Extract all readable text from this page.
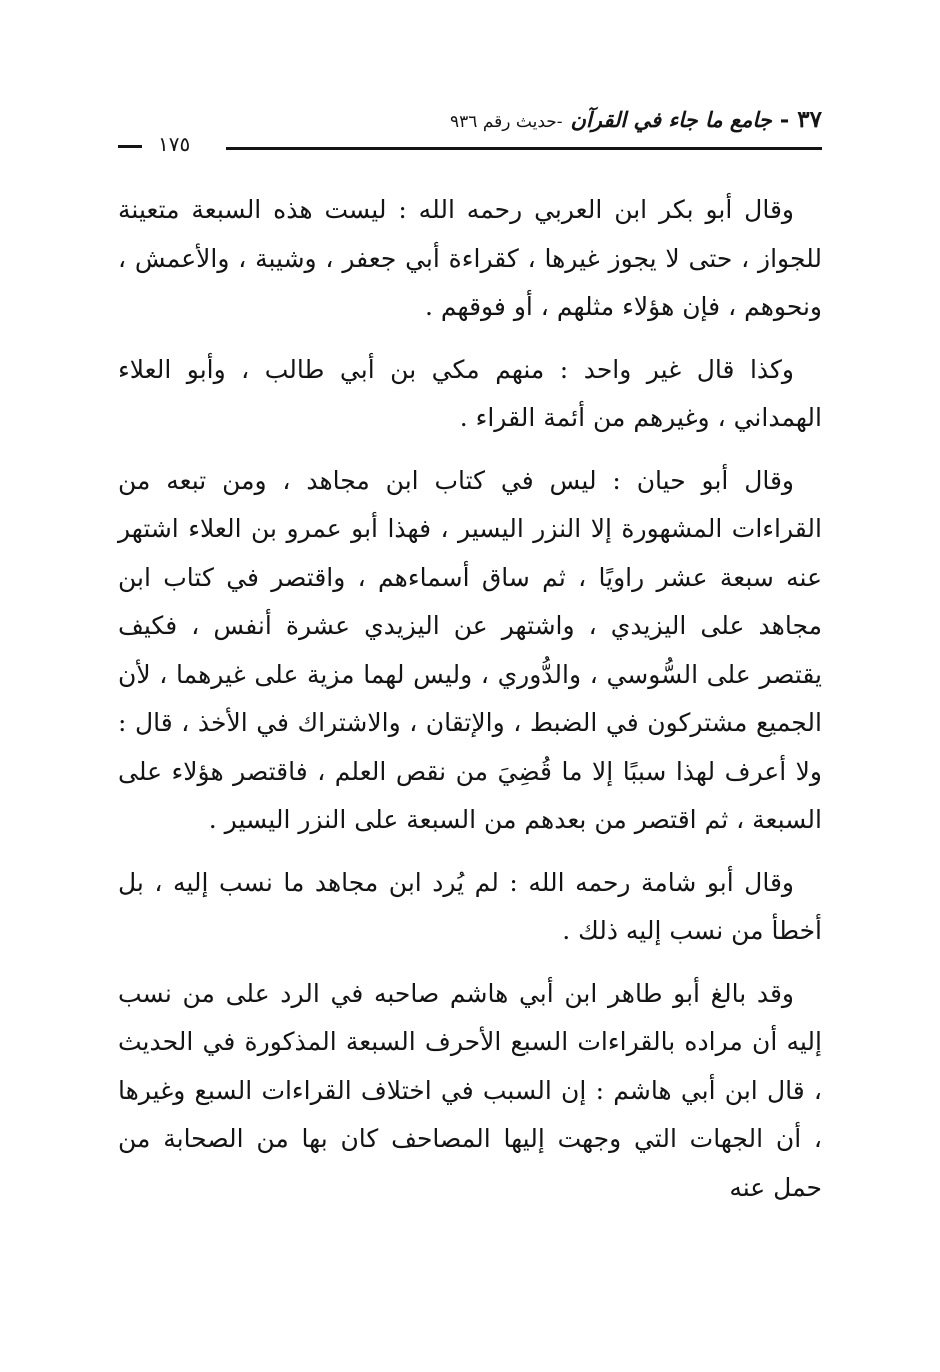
٣٧ -
جامع ما جاء في القرآن
-حديث رقم ٩٣٦
١٧٥

وقال أبو بكر ابن العربي رحمه الله : ليست هذه السبعة متعينة للجواز ، حتى لا يجوز غيرها ، كقراءة أبي جعفر ، وشيبة ، والأعمش ، ونحوهم ، فإن هؤلاء مثلهم ، أو فوقهم .

وكذا قال غير واحد : منهم مكي بن أبي طالب ، وأبو العلاء الهمداني ، وغيرهم من أئمة القراء .

وقال أبو حيان : ليس في كتاب ابن مجاهد ، ومن تبعه من القراءات المشهورة إلا النزر اليسير ، فهذا أبو عمرو بن العلاء اشتهر عنه سبعة عشر راويًا ، ثم ساق أسماءهم ، واقتصر في كتاب ابن مجاهد على اليزيدي ، واشتهر عن اليزيدي عشرة أنفس ، فكيف يقتصر على السُّوسي ، والدُّوري ، وليس لهما مزية على غيرهما ، لأن الجميع مشتركون في الضبط ، والإتقان ، والاشتراك في الأخذ ، قال : ولا أعرف لهذا سببًا إلا ما قُضِيَ من نقص العلم ، فاقتصر هؤلاء على السبعة ، ثم اقتصر من بعدهم من السبعة على النزر اليسير .

وقال أبو شامة رحمه الله : لم يُرد ابن مجاهد ما نسب إليه ، بل أخطأ من نسب إليه ذلك .

وقد بالغ أبو طاهر ابن أبي هاشم صاحبه في الرد على من نسب إليه أن مراده بالقراءات السبع الأحرف السبعة المذكورة في الحديث ، قال ابن أبي هاشم : إن السبب في اختلاف القراءات السبع وغيرها ، أن الجهات التي وجهت إليها المصاحف كان بها من الصحابة من حمل عنه
